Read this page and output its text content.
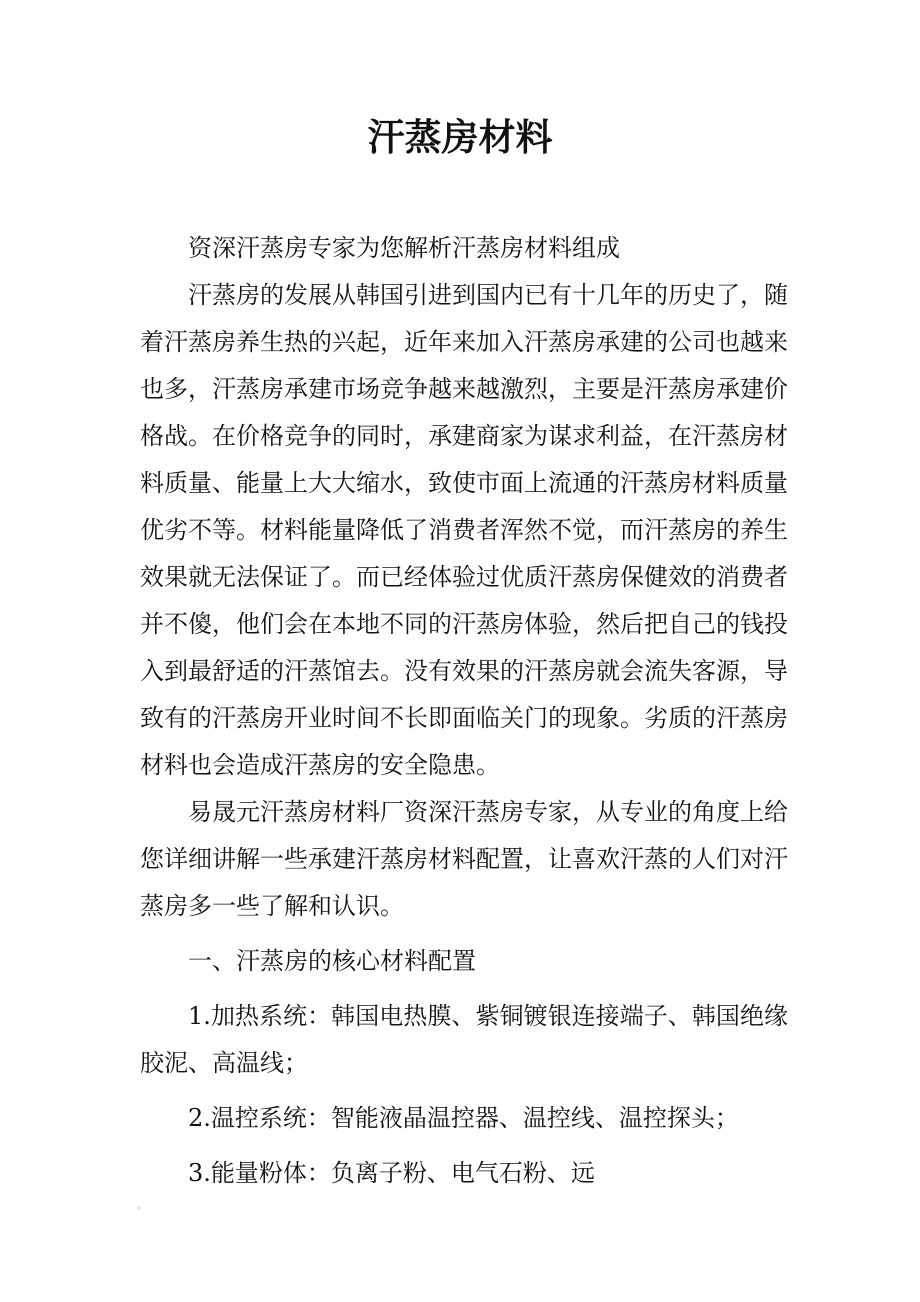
汗蒸房材料

资深汗蒸房专家为您解析汗蒸房材料组成

汗蒸房的发展从韩国引进到国内已有十几年的历史了，随着汗蒸房养生热的兴起，近年来加入汗蒸房承建的公司也越来也多，汗蒸房承建市场竞争越来越激烈，主要是汗蒸房承建价格战。在价格竞争的同时，承建商家为谋求利益，在汗蒸房材料质量、能量上大大缩水，致使市面上流通的汗蒸房材料质量优劣不等。材料能量降低了消费者浑然不觉，而汗蒸房的养生效果就无法保证了。而已经体验过优质汗蒸房保健效的消费者并不傻，他们会在本地不同的汗蒸房体验，然后把自己的钱投入到最舒适的汗蒸馆去。没有效果的汗蒸房就会流失客源，导致有的汗蒸房开业时间不长即面临关门的现象。劣质的汗蒸房材料也会造成汗蒸房的安全隐患。

易晟元汗蒸房材料厂资深汗蒸房专家，从专业的角度上给您详细讲解一些承建汗蒸房材料配置，让喜欢汗蒸的人们对汗蒸房多一些了解和认识。

一、汗蒸房的核心材料配置

1.加热系统：韩国电热膜、紫铜镀银连接端子、韩国绝缘胶泥、高温线；

2.温控系统：智能液晶温控器、温控线、温控探头；

3.能量粉体：负离子粉、电气石粉、远
